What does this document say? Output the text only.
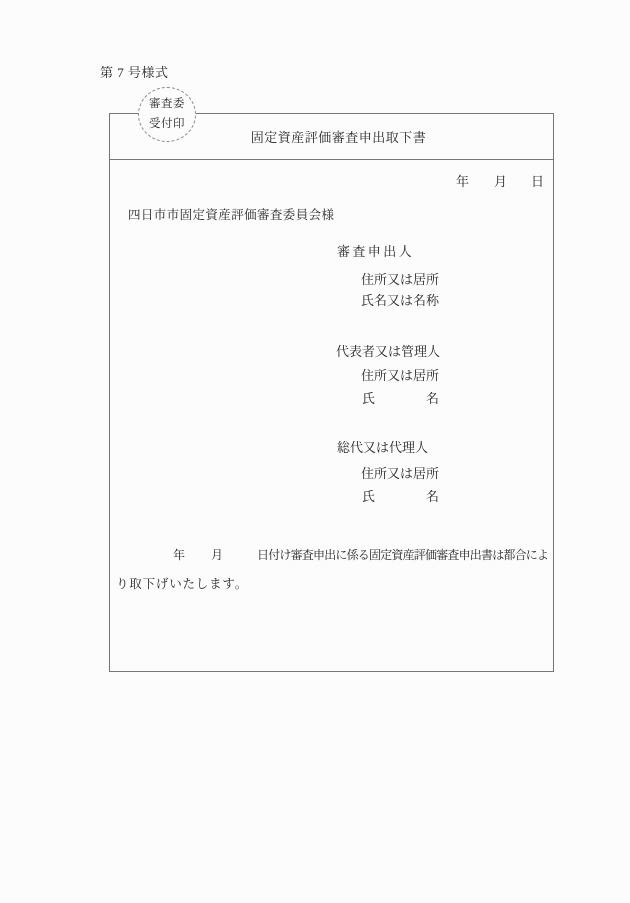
第 7 号様式
審査委
受付印
固定資産評価審査申出取下書
年 月 日
四日市市固定資産評価審査委員会様
審査申出人
住所又は居所
氏名又は名称
代表者又は管理人
住所又は居所
氏	名
総代又は代理人
住所又は居所
氏	名
年 月	日付け審査申出に係る固定資産評価審査申出書は都合によ
り取下げいたします。
